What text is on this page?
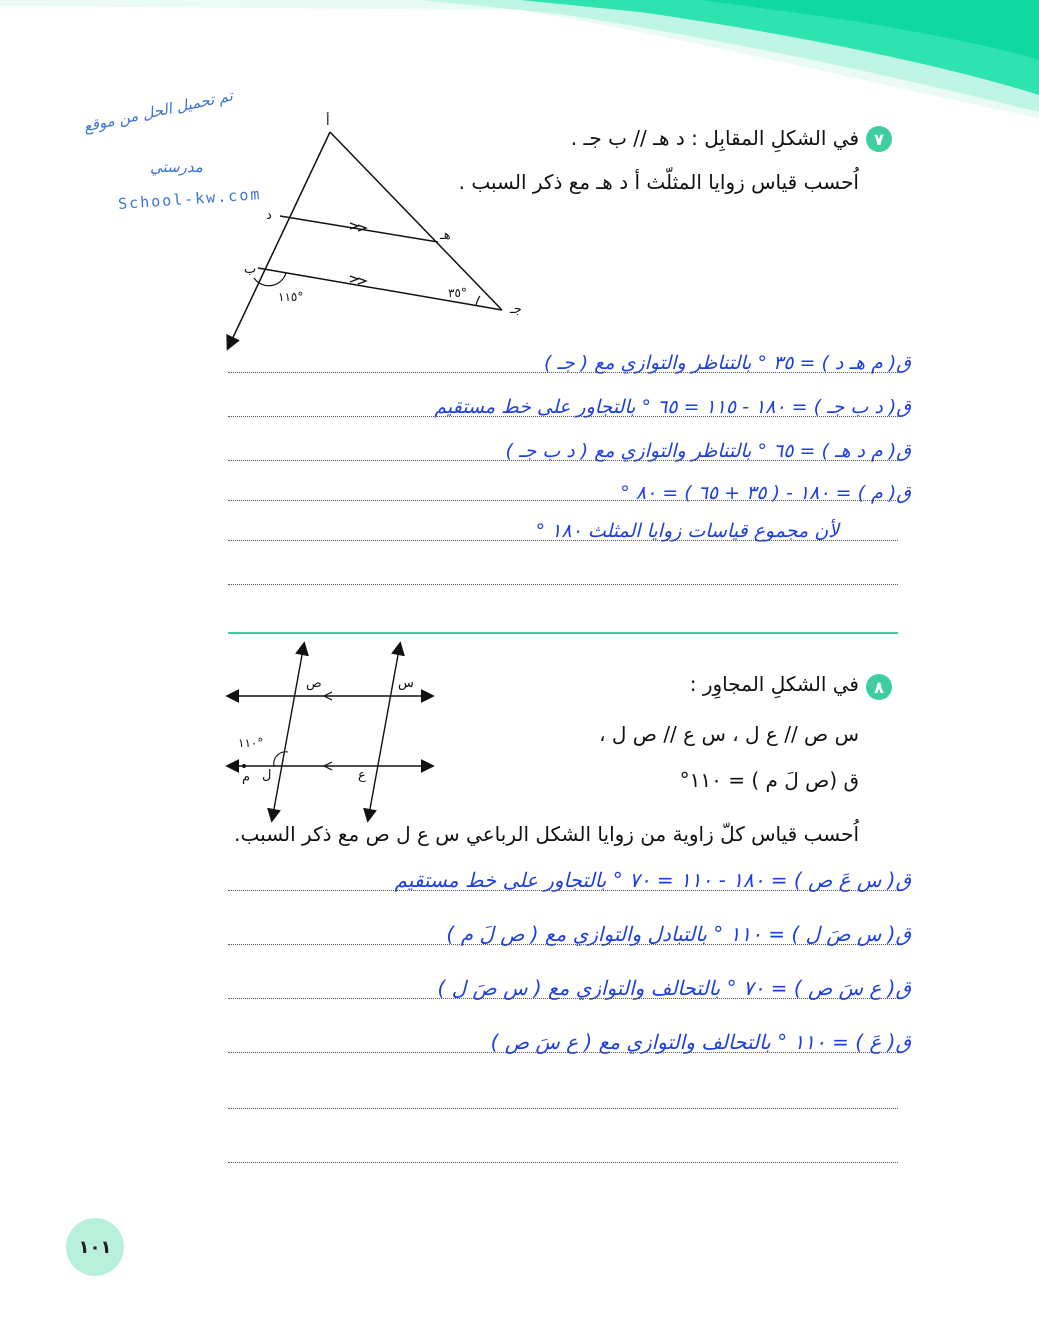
تم تحميل الحل من موقع
مدرستي
School-kw.com
٧
في الشكلِ المقابِل : د هـ // ب جـ .
اُحسب قياس زوايا المثلّث أ د هـ مع ذكر السبب .
أ
د
هـ
ب
جـ
١١٥°	٣٥°
ق( م هـ د ) = ٣٥ ° بالتناظر والتوازي مع ( جـ )
ق( د ب جـ ) = ١٨٠ - ١١٥ = ٦٥ ° بالتجاور على خط مستقيم
ق( م د هـ ) = ٦٥ ° بالتناظر والتوازي مع ( د ب جـ )
ق( م ) = ١٨٠ - ( ٣٥ + ٦٥ ) = ٨٠ °
لأن مجموع قياسات زوايا المثلث ١٨٠ °
٨
في الشكلِ المجاوِر :
س ص // ع ل ، س ع // ص ل ،
ق (ص لَ م ) = ١١٠°
اُحسب قياس كلّ زاوية من زوايا الشكل الرباعي س ع ل ص مع ذكر السبب.
س
ص
ع
ل
م
١١٠°
ق( س عَ ص ) = ١٨٠ - ١١٠ = ٧٠ ° بالتجاور على خط مستقيم
ق( س صَ ل ) = ١١٠ ° بالتبادل والتوازي مع ( ص لَ م )
ق( ع سَ ص ) = ٧٠ ° بالتحالف والتوازي مع ( س صَ ل )
ق( عَ ) = ١١٠ ° بالتحالف والتوازي مع ( ع سَ ص )
١٠١
